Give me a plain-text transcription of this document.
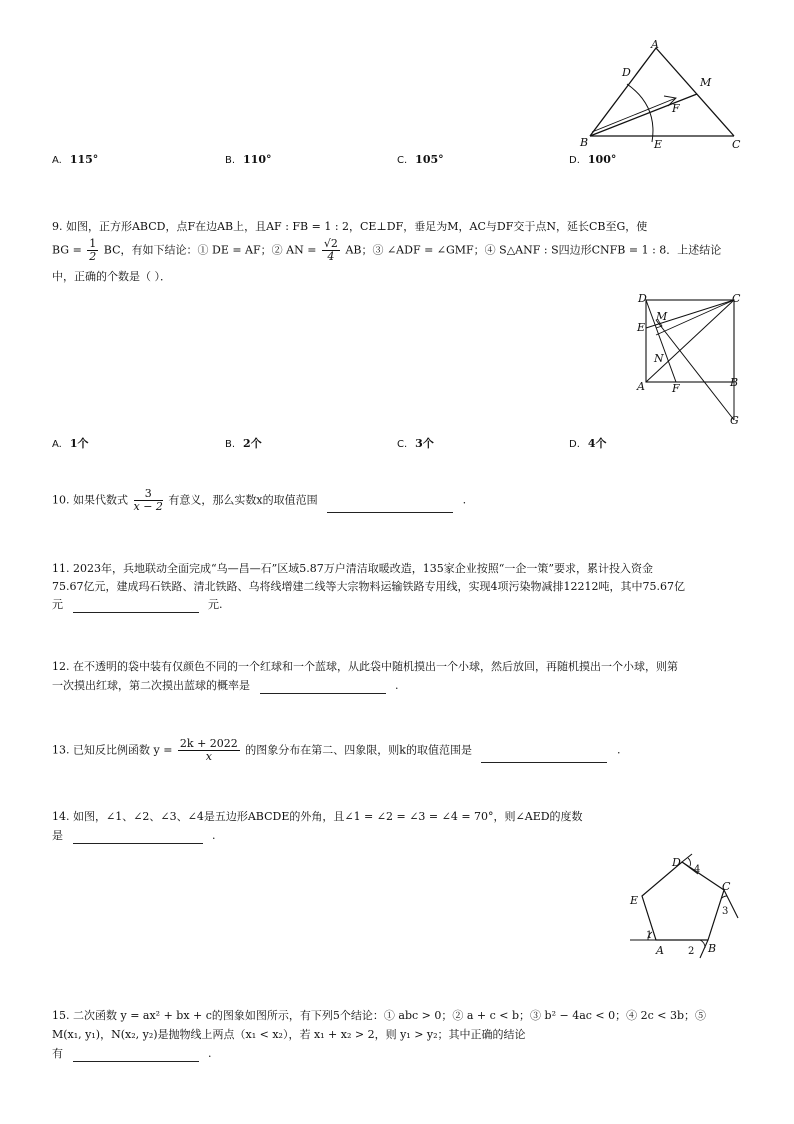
A
D
M
F
B	E	C
A. 115°	B. 110°	C. 105°	D. 100°
9. 如图，正方形ABCD，点F在边AB上，且AF : FB = 1 : 2，CE⊥DF，垂足为M，AC与DF交于点N，延长CB至G，使
BG = $\frac{1}{2}$ BC，有如下结论：① DE = AF；② AN = $\frac{√2}{4}$ AB；③ ∠ADF = ∠GMF；④ S△ANF : S四边形CNFB = 1 : 8．上述结论
中，正确的个数是（ ）．
D	C
E
M
N
A F	B
G
A. 1个	B. 2个	C. 3个	D. 4个
10. 如果代数式 $\frac{3}{x - 2}$ 有意义，那么实数x的取值范围	.
11. 2023年，兵地联动全面完成“乌—昌—石”区域5.87万户清洁取暖改造，135家企业按照“一企一策”要求，累计投入资金
75.67亿元，建成玛石铁路、清北铁路、乌将线增建二线等大宗物料运输铁路专用线，实现4项污染物减排12212吨，其中75.67亿
元	元.
12. 在不透明的袋中装有仅颜色不同的一个红球和一个蓝球，从此袋中随机摸出一个小球，然后放回，再随机摸出一个小球，则第
一次摸出红球，第二次摸出蓝球的概率是	.
13. 已知反比例函数 $y = \frac{2k + 2022}{x}$ 的图象分布在第二、四象限，则k的取值范围是	.
14. 如图，∠1、∠2、∠3、∠4是五边形ABCDE的外角，且∠1 = ∠2 = ∠3 = ∠4 = 70°，则∠AED的度数
是	.
D
C
E
A	B
1
2
3
4
15. 二次函数 y = ax² + bx + c的图象如图所示，有下列5个结论：① abc > 0；② a + c < b；③ b² − 4ac < 0；④ 2c < 3b；⑤
M(x₁, y₁)，N(x₂, y₂)是抛物线上两点（x₁ < x₂），若 x₁ + x₂ > 2，则 y₁ > y₂；其中正确的结论
有	.
